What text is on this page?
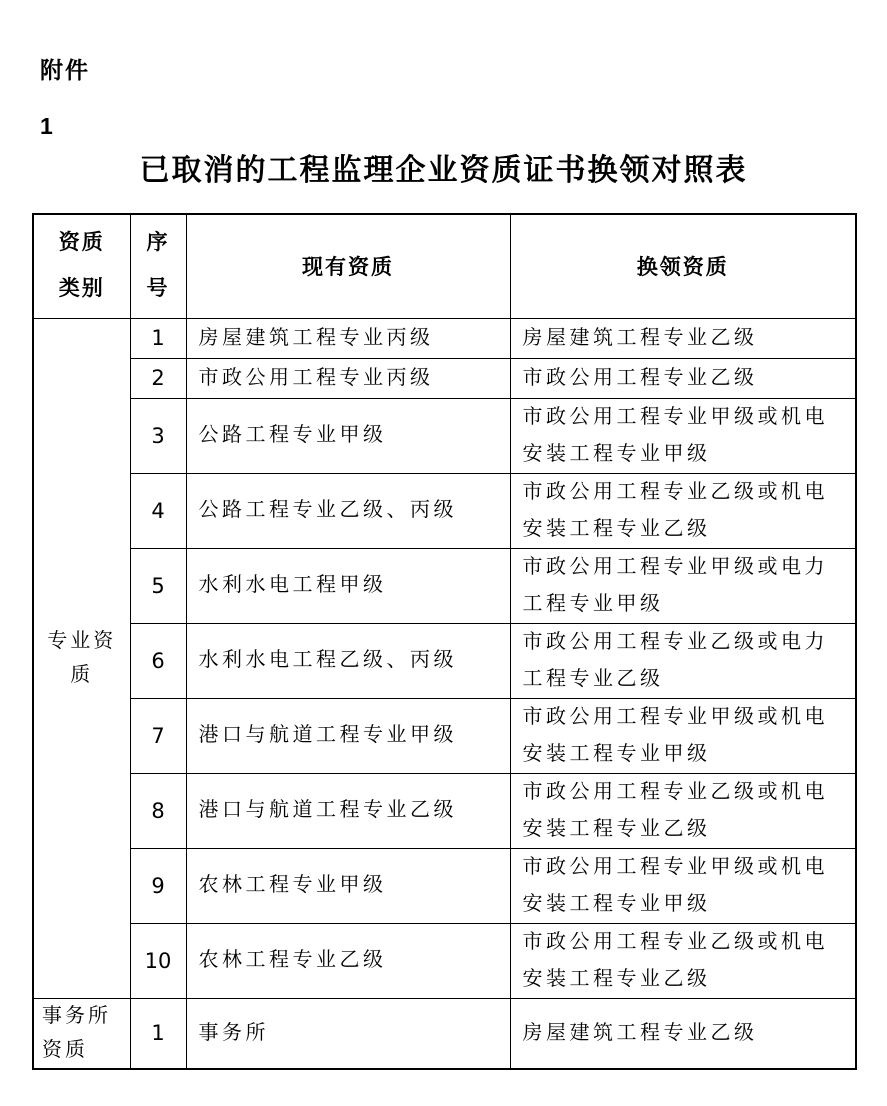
附件
1
已取消的工程监理企业资质证书换领对照表
资质类别	序号	现有资质	换领资质
专业资质	1	房屋建筑工程专业丙级	房屋建筑工程专业乙级
	2	市政公用工程专业丙级	市政公用工程专业乙级
	3	公路工程专业甲级	市政公用工程专业甲级或机电安装工程专业甲级
	4	公路工程专业乙级、丙级	市政公用工程专业乙级或机电安装工程专业乙级
	5	水利水电工程甲级	市政公用工程专业甲级或电力工程专业甲级
	6	水利水电工程乙级、丙级	市政公用工程专业乙级或电力工程专业乙级
	7	港口与航道工程专业甲级	市政公用工程专业甲级或机电安装工程专业甲级
	8	港口与航道工程专业乙级	市政公用工程专业乙级或机电安装工程专业乙级
	9	农林工程专业甲级	市政公用工程专业甲级或机电安装工程专业甲级
	10	农林工程专业乙级	市政公用工程专业乙级或机电安装工程专业乙级
事务所资质	1	事务所	房屋建筑工程专业乙级
